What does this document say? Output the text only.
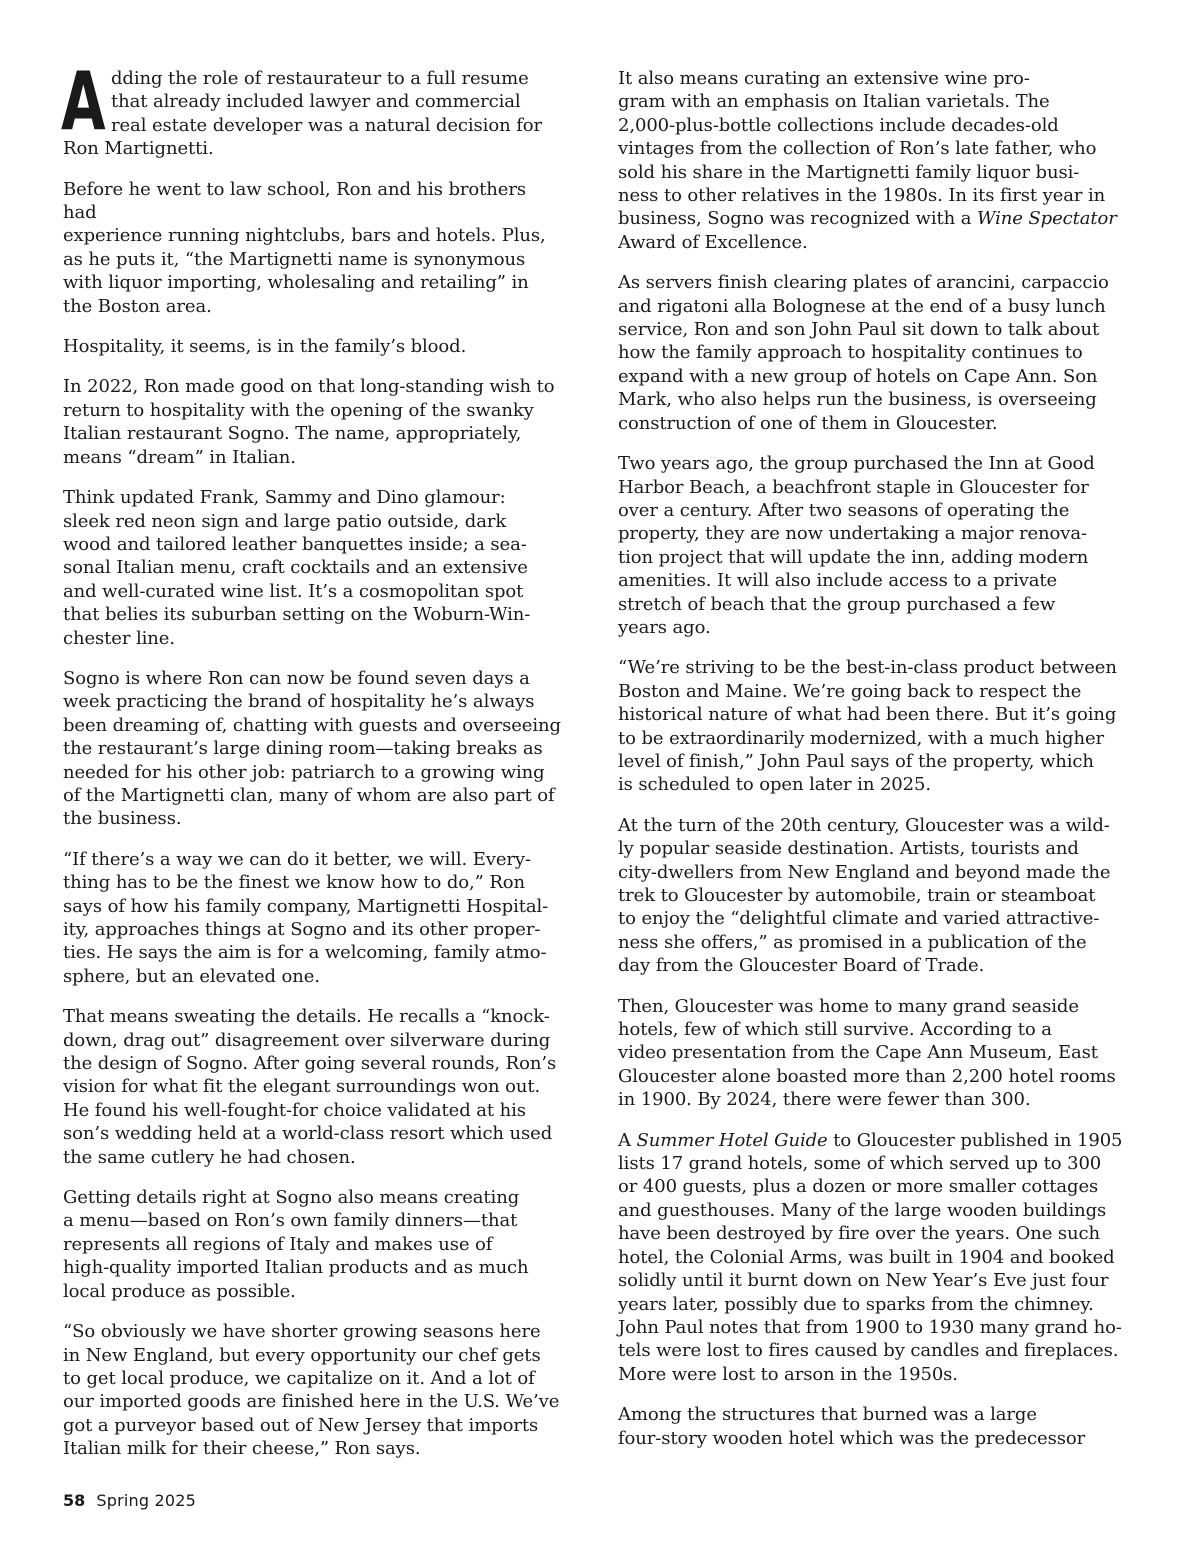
Adding the role of restaurateur to a full resume
that already included lawyer and commercial
real estate developer was a natural decision for
Ron Martignetti.

Before he went to law school, Ron and his brothers had
experience running nightclubs, bars and hotels. Plus,
as he puts it, “the Martignetti name is synonymous
with liquor importing, wholesaling and retailing” in
the Boston area.

Hospitality, it seems, is in the family’s blood.

In 2022, Ron made good on that long-standing wish to
return to hospitality with the opening of the swanky
Italian restaurant Sogno. The name, appropriately,
means “dream” in Italian.

Think updated Frank, Sammy and Dino glamour:
sleek red neon sign and large patio outside, dark
wood and tailored leather banquettes inside; a sea-
sonal Italian menu, craft cocktails and an extensive
and well-curated wine list. It’s a cosmopolitan spot
that belies its suburban setting on the Woburn-Win-
chester line.

Sogno is where Ron can now be found seven days a
week practicing the brand of hospitality he’s always
been dreaming of, chatting with guests and overseeing
the restaurant’s large dining room—taking breaks as
needed for his other job: patriarch to a growing wing
of the Martignetti clan, many of whom are also part of
the business.

“If there’s a way we can do it better, we will. Every-
thing has to be the finest we know how to do,” Ron
says of how his family company, Martignetti Hospital-
ity, approaches things at Sogno and its other proper-
ties. He says the aim is for a welcoming, family atmo-
sphere, but an elevated one.

That means sweating the details. He recalls a “knock-
down, drag out” disagreement over silverware during
the design of Sogno. After going several rounds, Ron’s
vision for what fit the elegant surroundings won out.
He found his well-fought-for choice validated at his
son’s wedding held at a world-class resort which used
the same cutlery he had chosen.

Getting details right at Sogno also means creating
a menu—based on Ron’s own family dinners—that
represents all regions of Italy and makes use of
high-quality imported Italian products and as much
local produce as possible.

“So obviously we have shorter growing seasons here
in New England, but every opportunity our chef gets
to get local produce, we capitalize on it. And a lot of
our imported goods are finished here in the U.S. We’ve
got a purveyor based out of New Jersey that imports
Italian milk for their cheese,” Ron says.

It also means curating an extensive wine pro-
gram with an emphasis on Italian varietals. The
2,000-plus-bottle collections include decades-old
vintages from the collection of Ron’s late father, who
sold his share in the Martignetti family liquor busi-
ness to other relatives in the 1980s. In its first year in
business, Sogno was recognized with a Wine Spectator
Award of Excellence.

As servers finish clearing plates of arancini, carpaccio
and rigatoni alla Bolognese at the end of a busy lunch
service, Ron and son John Paul sit down to talk about
how the family approach to hospitality continues to
expand with a new group of hotels on Cape Ann. Son
Mark, who also helps run the business, is overseeing
construction of one of them in Gloucester.

Two years ago, the group purchased the Inn at Good
Harbor Beach, a beachfront staple in Gloucester for
over a century. After two seasons of operating the
property, they are now undertaking a major renova-
tion project that will update the inn, adding modern
amenities. It will also include access to a private
stretch of beach that the group purchased a few
years ago.

“We’re striving to be the best-in-class product between
Boston and Maine. We’re going back to respect the
historical nature of what had been there. But it’s going
to be extraordinarily modernized, with a much higher
level of finish,” John Paul says of the property, which
is scheduled to open later in 2025.

At the turn of the 20th century, Gloucester was a wild-
ly popular seaside destination. Artists, tourists and
city-dwellers from New England and beyond made the
trek to Gloucester by automobile, train or steamboat
to enjoy the “delightful climate and varied attractive-
ness she offers,” as promised in a publication of the
day from the Gloucester Board of Trade.

Then, Gloucester was home to many grand seaside
hotels, few of which still survive. According to a
video presentation from the Cape Ann Museum, East
Gloucester alone boasted more than 2,200 hotel rooms
in 1900. By 2024, there were fewer than 300.

A Summer Hotel Guide to Gloucester published in 1905
lists 17 grand hotels, some of which served up to 300
or 400 guests, plus a dozen or more smaller cottages
and guesthouses. Many of the large wooden buildings
have been destroyed by fire over the years. One such
hotel, the Colonial Arms, was built in 1904 and booked
solidly until it burnt down on New Year’s Eve just four
years later, possibly due to sparks from the chimney.
John Paul notes that from 1900 to 1930 many grand ho-
tels were lost to fires caused by candles and fireplaces.
More were lost to arson in the 1950s.

Among the structures that burned was a large
four-story wooden hotel which was the predecessor

58 Spring 2025
